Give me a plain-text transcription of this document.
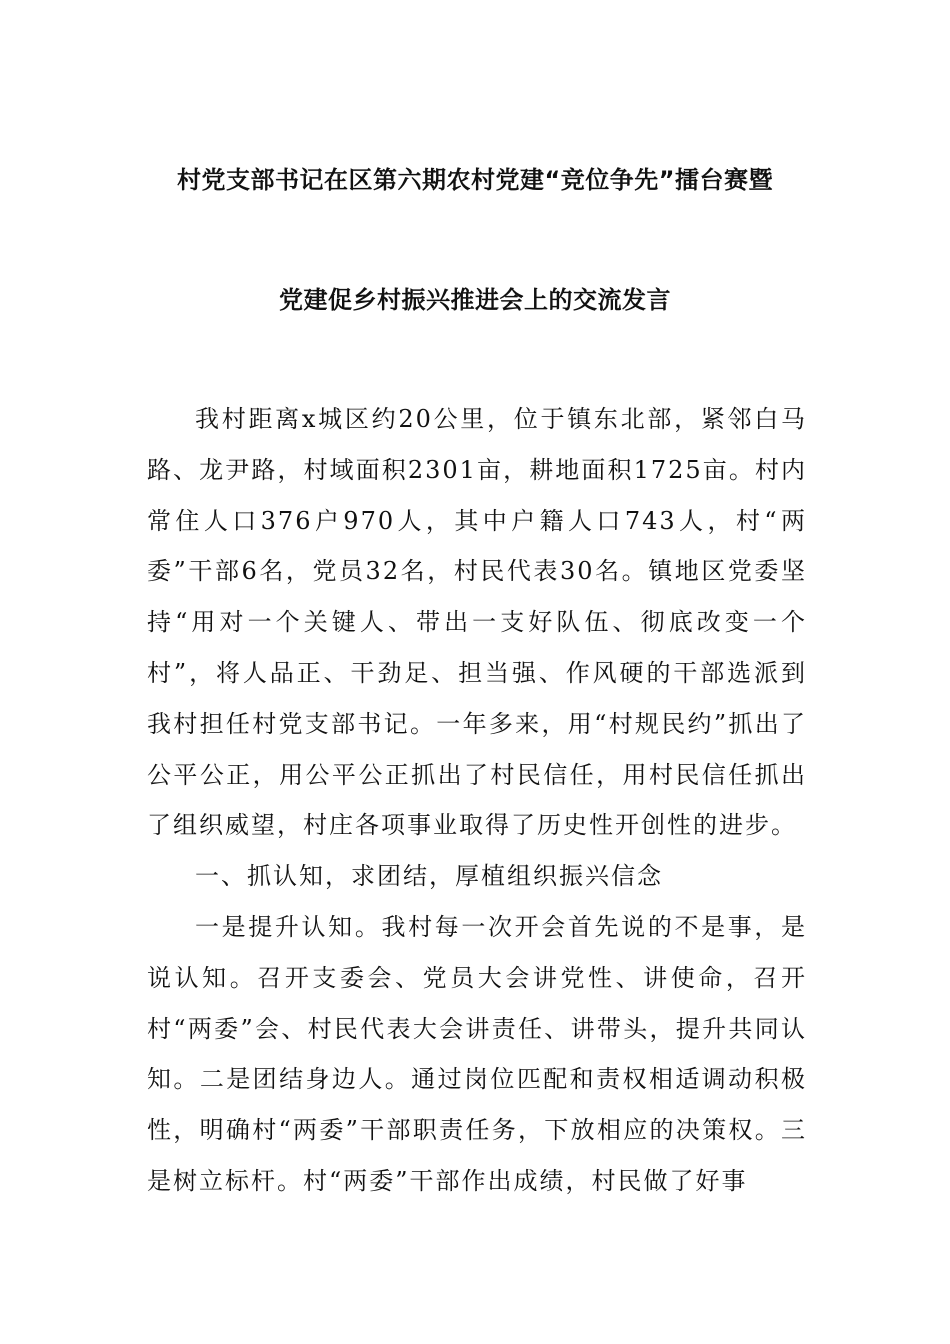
村党支部书记在区第六期农村党建“竞位争先”擂台赛暨
党建促乡村振兴推进会上的交流发言

我村距离x城区约20公里，位于镇东北部，紧邻白马路、龙尹路，村域面积2301亩，耕地面积1725亩。村内常住人口376户970人，其中户籍人口743人，村“两委”干部6名，党员32名，村民代表30名。镇地区党委坚持“用对一个关键人、带出一支好队伍、彻底改变一个村”，将人品正、干劲足、担当强、作风硬的干部选派到我村担任村党支部书记。一年多来，用“村规民约”抓出了公平公正，用公平公正抓出了村民信任，用村民信任抓出了组织威望，村庄各项事业取得了历史性开创性的进步。

一、抓认知，求团结，厚植组织振兴信念

一是提升认知。我村每一次开会首先说的不是事，是说认知。召开支委会、党员大会讲党性、讲使命，召开村“两委”会、村民代表大会讲责任、讲带头，提升共同认知。二是团结身边人。通过岗位匹配和责权相适调动积极性，明确村“两委”干部职责任务，下放相应的决策权。三是树立标杆。村“两委”干部作出成绩，村民做了好事
